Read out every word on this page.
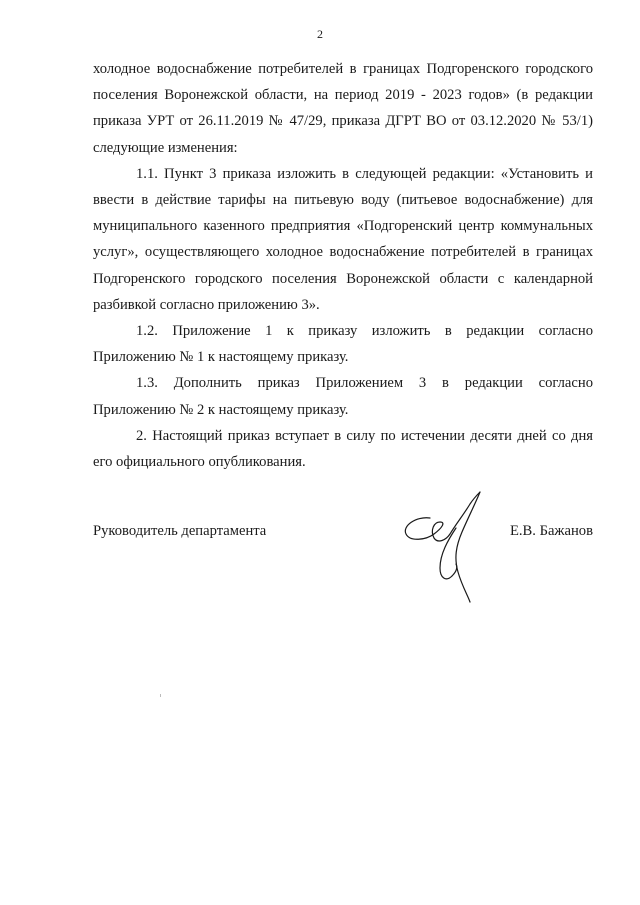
2

холодное водоснабжение потребителей в границах Подгоренского городского поселения Воронежской области, на период 2019 - 2023 годов» (в редакции приказа УРТ от 26.11.2019 № 47/29, приказа ДГРТ ВО от 03.12.2020 № 53/1) следующие изменения:

1.1. Пункт 3 приказа изложить в следующей редакции: «Установить и ввести в действие тарифы на питьевую воду (питьевое водоснабжение) для муниципального казенного предприятия «Подгоренский центр коммунальных услуг», осуществляющего холодное водоснабжение потребителей в границах Подгоренского городского поселения Воронежской области с календарной разбивкой согласно приложению 3».

1.2. Приложение 1 к приказу изложить в редакции согласно Приложению № 1 к настоящему приказу.

1.3. Дополнить приказ Приложением 3 в редакции согласно Приложению № 2 к настоящему приказу.

2. Настоящий приказ вступает в силу по истечении десяти дней со дня его официального опубликования.

Руководитель департамента	Е.В. Бажанов
